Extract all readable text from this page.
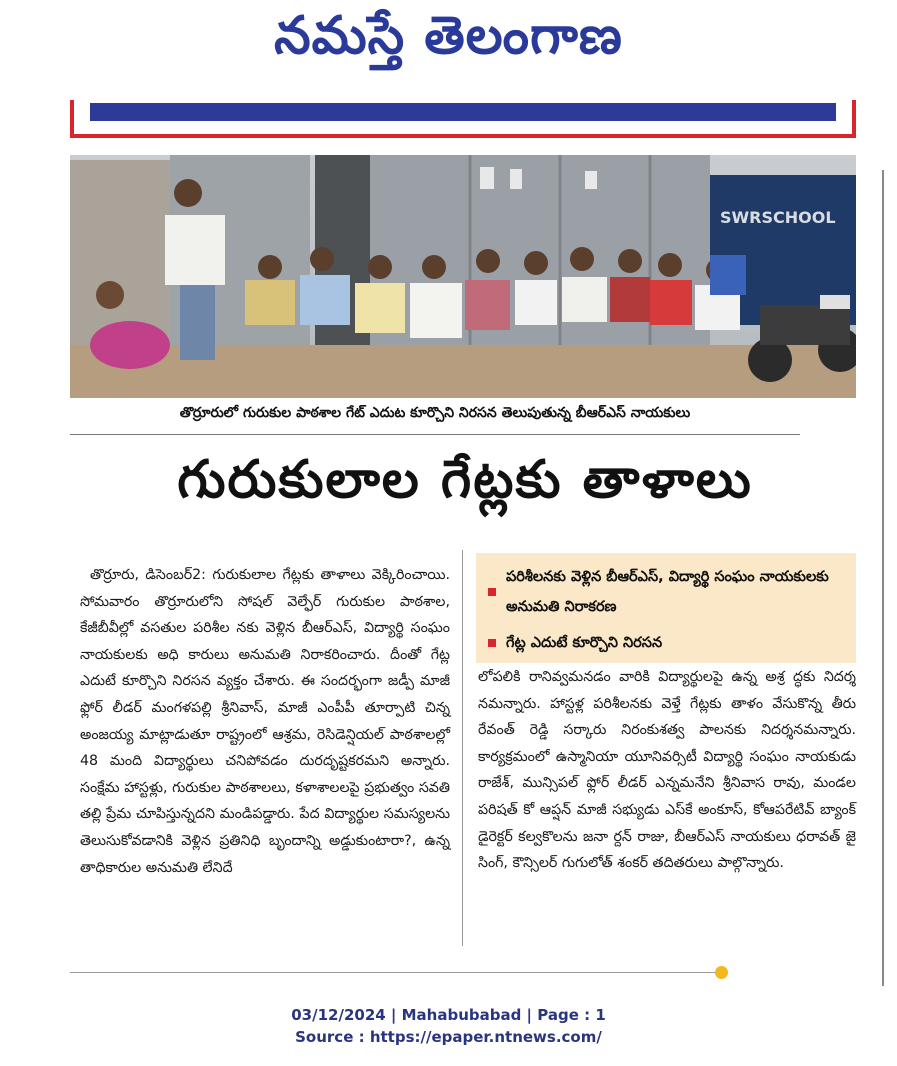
నమస్తే తెలంగాణ
SWRSCHOOL
తొర్రూరులో గురుకుల పాఠశాల గేట్ ఎదుట కూర్చొని నిరసన తెలుపుతున్న బీఆర్ఎస్ నాయకులు
గురుకులాల గేట్లకు తాళాలు

తొర్రూరు, డిసెంబర్2: గురుకులాల గేట్లకు తాళాలు వెక్కిరించాయి. సోమవారం తొర్రూరులోని సోషల్ వెల్ఫేర్ గురుకుల పాఠశాల, కేజీబీవీల్లో వసతుల పరిశీల నకు వెళ్లిన బీఆర్ఎస్, విద్యార్థి సంఘం నాయకులకు అధి కారులు అనుమతి నిరాకరించారు. దీంతో గేట్ల ఎదుటే కూర్చొని నిరసన వ్యక్తం చేశారు. ఈ సందర్భంగా జడ్పీ మాజీ ఫ్లోర్ లీడర్ మంగళపల్లి శ్రీనివాస్, మాజీ ఎంపీపీ తూర్పాటి చిన్న అంజయ్య మాట్లాడుతూ రాష్ట్రంలో ఆశ్రమ, రెసిడెన్షియల్ పాఠశాలల్లో 48 మంది విద్యార్థులు చనిపోవడం దురదృష్టకరమని అన్నారు. సంక్షేమ హాస్టళ్లు, గురుకుల పాఠశాలలు, కళాశాలలపై ప్రభుత్వం సవతి తల్లి ప్రేమ చూపిస్తున్నదని మండిపడ్డారు. పేద విద్యార్థుల సమస్యలను తెలుసుకోవడానికి వెళ్లిన ప్రతినిధి బృందాన్ని అడ్డుకుంటారా?, ఉన్న తాధికారుల అనుమతి లేనిదే

పరిశీలనకు వెళ్లిన బీఆర్ఎస్, విద్యార్థి సంఘం నాయకులకు అనుమతి నిరాకరణ
గేట్ల ఎదుటే కూర్చొని నిరసన

లోపలికి రానివ్వమనడం వారికి విద్యార్థులపై ఉన్న అశ్ర ద్ధకు నిదర్శ నమన్నారు. హాస్టళ్ల పరిశీలనకు వెళ్తే గేట్లకు తాళం వేసుకొన్న తీరు రేవంత్ రెడ్డి సర్కారు నిరంకుశత్వ పాలనకు నిదర్శనమన్నారు. కార్యక్రమంలో ఉస్మానియా యూనివర్సిటీ విద్యార్థి సంఘం నాయకుడు రాజేశ్, మున్సిపల్ ఫ్లోర్ లీడర్ ఎన్నమనేని శ్రీనివాస రావు, మండల పరిషత్ కో ఆప్షన్ మాజీ సభ్యుడు ఎస్‌కే అంకూస్, కోఆపరేటివ్ బ్యాంక్ డైరెక్టర్ కల్వకొలను జనా ర్దన్ రాజు, బీఆర్ఎస్ నాయకులు ధరావత్ జై సింగ్, కౌన్సిలర్ గుగులోత్ శంకర్ తదితరులు పాల్గొన్నారు.

03/12/2024 | Mahabubabad | Page : 1
Source : https://epaper.ntnews.com/
